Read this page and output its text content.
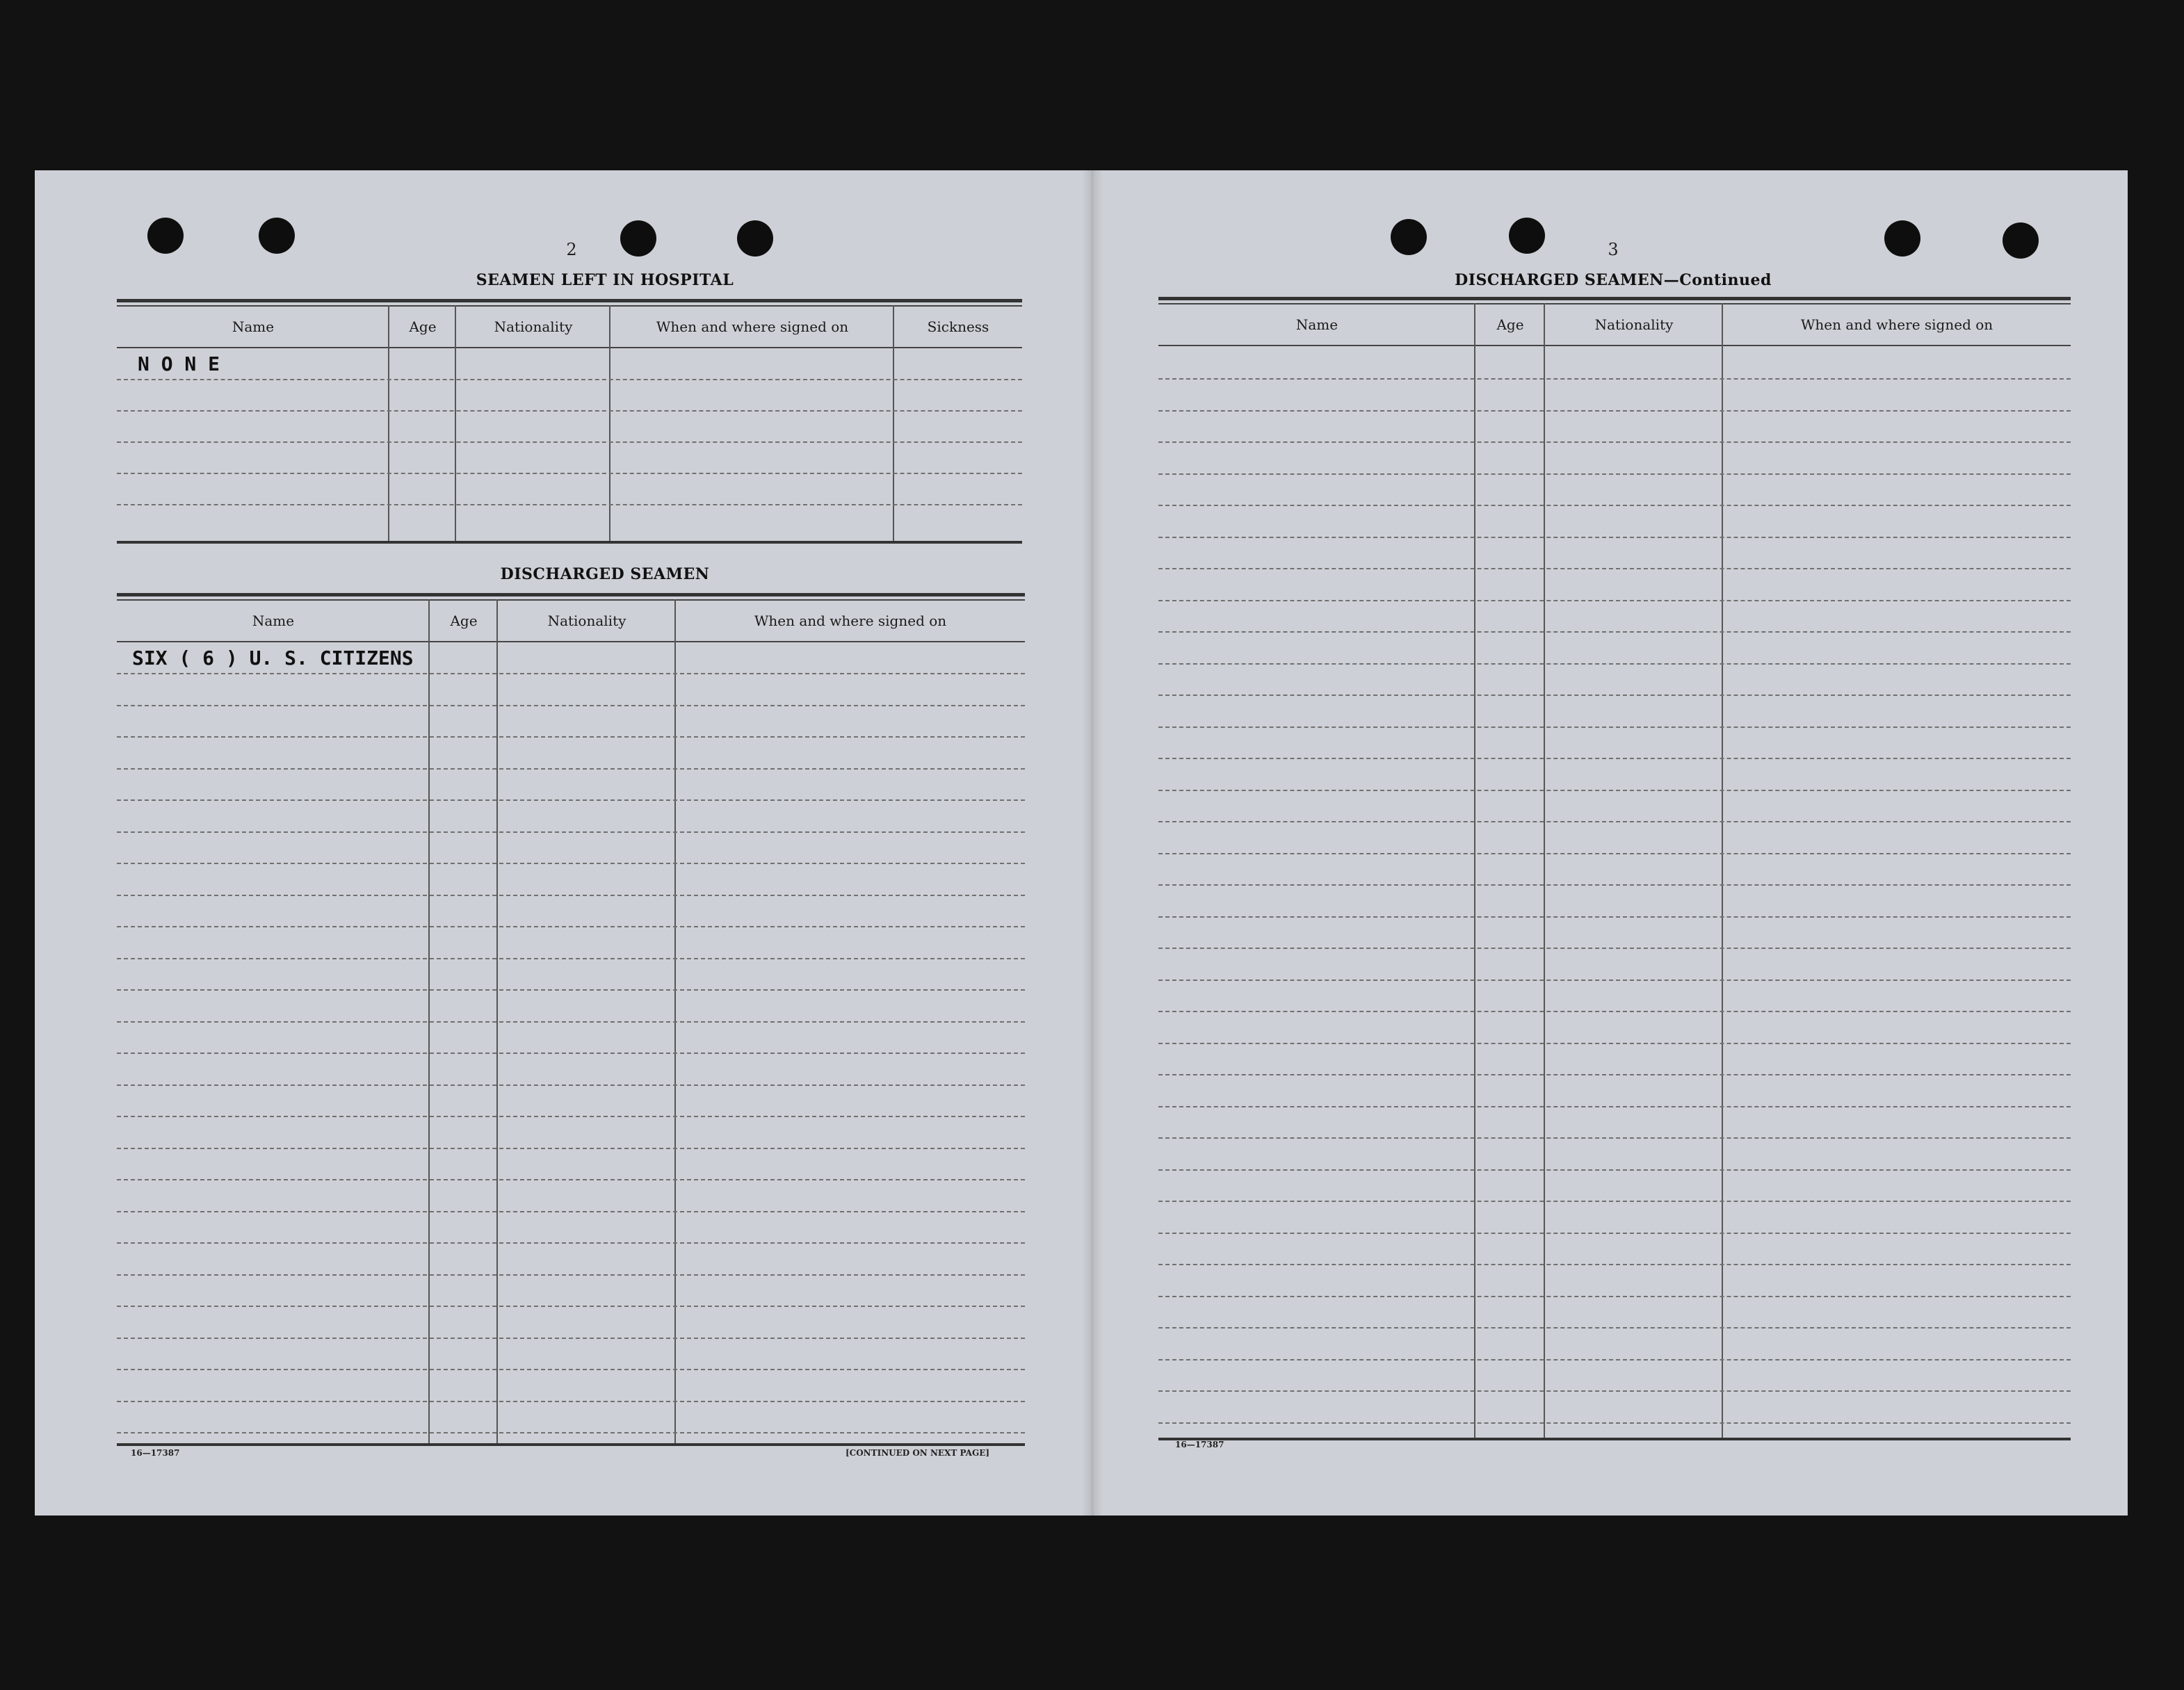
2
SEAMEN LEFT IN HOSPITAL
Name	Age	Nationality	When and where signed on	Sickness
N O N E
DISCHARGED SEAMEN
Name	Age	Nationality	When and where signed on
SIX ( 6 ) U. S. CITIZENS
16—17387	[CONTINUED ON NEXT PAGE]
3
DISCHARGED SEAMEN—Continued
Name	Age	Nationality	When and where signed on
16—17387
